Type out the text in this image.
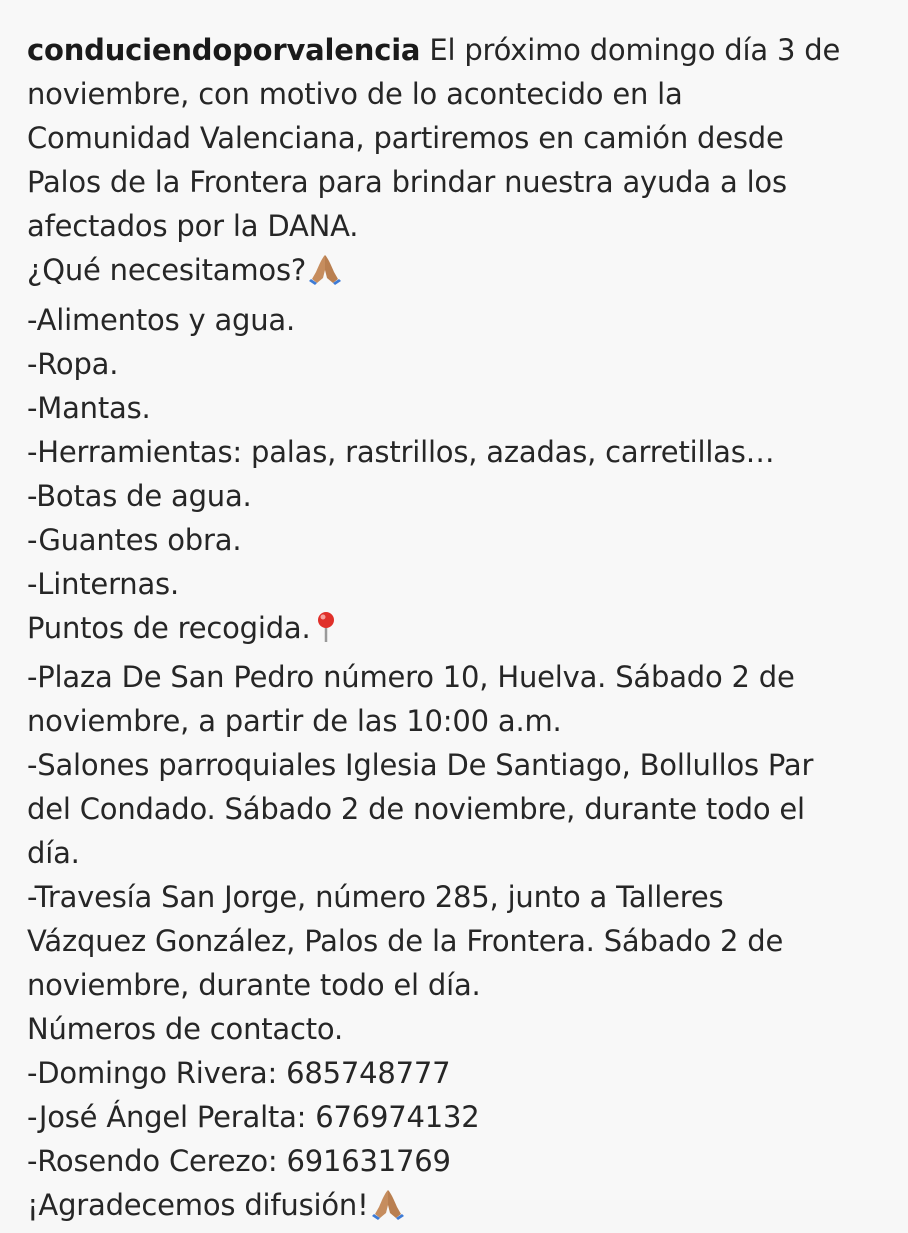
conduciendoporvalencia El próximo domingo día 3 de
noviembre, con motivo de lo acontecido en la
Comunidad Valenciana, partiremos en camión desde
Palos de la Frontera para brindar nuestra ayuda a los
afectados por la DANA.
¿Qué necesitamos?
-Alimentos y agua.
-Ropa.
-Mantas.
-Herramientas: palas, rastrillos, azadas, carretillas…
-Botas de agua.
-Guantes obra.
-Linternas.
Puntos de recogida.
-Plaza De San Pedro número 10, Huelva. Sábado 2 de
noviembre, a partir de las 10:00 a.m.
-Salones parroquiales Iglesia De Santiago, Bollullos Par
del Condado. Sábado 2 de noviembre, durante todo el
día.
-Travesía San Jorge, número 285, junto a Talleres
Vázquez González, Palos de la Frontera. Sábado 2 de
noviembre, durante todo el día.
Números de contacto.
-Domingo Rivera: 685748777
-José Ángel Peralta: 676974132
-Rosendo Cerezo: 691631769
¡Agradecemos difusión!
